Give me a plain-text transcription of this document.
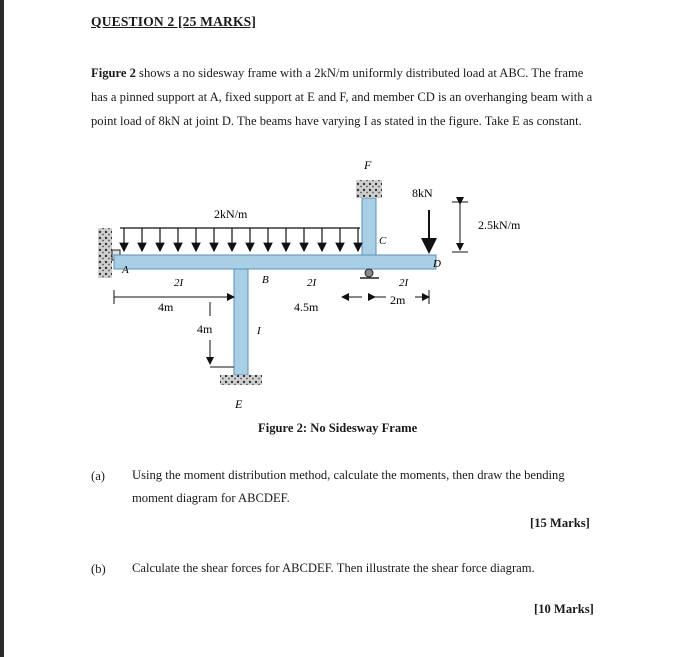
QUESTION 2 [25 MARKS]
Figure 2 shows a no sidesway frame with a 2kN/m uniformly distributed load at ABC. The frame has a pinned support at A, fixed support at E and F, and member CD is an overhanging beam with a point load of 8kN at joint D. The beams have varying I as stated in the figure. Take E as constant.
A
B
C
D
E
F
2kN/m
8kN
2.5kN/m
2I	2I	2I
I
4m	4.5m	2m
4m
Figure 2: No Sidesway Frame
(a) Using the moment distribution method, calculate the moments, then draw the bending
moment diagram for ABCDEF.
[15 Marks]
(b) Calculate the shear forces for ABCDEF. Then illustrate the shear force diagram.
[10 Marks]
